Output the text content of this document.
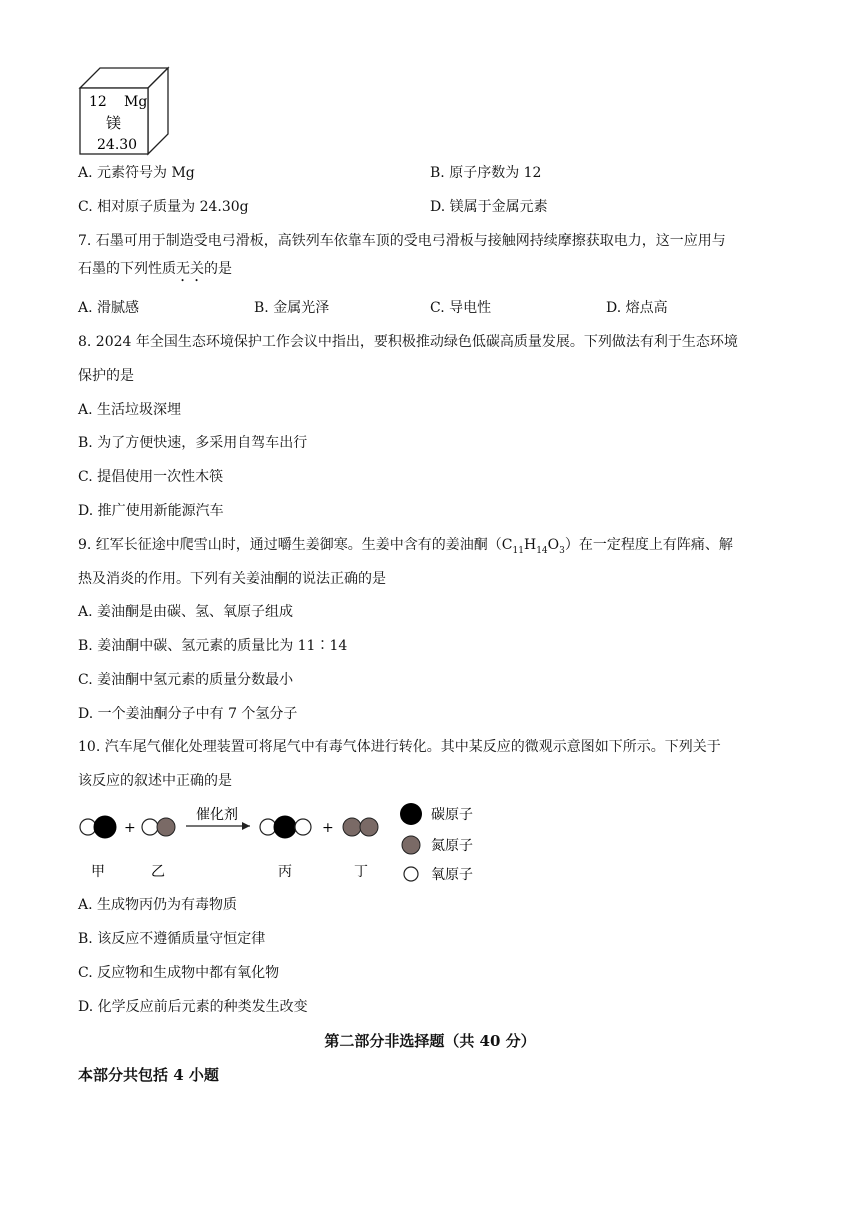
12 Mg
镁
24.30
A. 元素符号为 Mg	B. 原子序数为 12
C. 相对原子质量为 24.30g	D. 镁属于金属元素
7. 石墨可用于制造受电弓滑板，高铁列车依靠车顶的受电弓滑板与接触网持续摩擦获取电力，这一应用与
石墨的下列性质无关的是
A. 滑腻感	B. 金属光泽	C. 导电性	D. 熔点高
8. 2024 年全国生态环境保护工作会议中指出，要积极推动绿色低碳高质量发展。下列做法有利于生态环境
保护的是
A. 生活垃圾深埋
B. 为了方便快速，多采用自驾车出行
C. 提倡使用一次性木筷
D. 推广使用新能源汽车
9. 红军长征途中爬雪山时，通过嚼生姜御寒。生姜中含有的姜油酮$(C_{11}H_{14}O_3)$在一定程度上有阵痛、解
热及消炎的作用。下列有关姜油酮的说法正确的是
A. 姜油酮是由碳、氢、氧原子组成
B. 姜油酮中碳、氢元素的质量比为 11∶14
C. 姜油酮中氢元素的质量分数最小
D. 一个姜油酮分子中有 7 个氢分子
10. 汽车尾气催化处理装置可将尾气中有毒气体进行转化。其中某反应的微观示意图如下所示。下列关于
该反应的叙述中正确的是
+
催化剂
+
甲	乙	丙	丁
碳原子
氮原子
氧原子
A. 生成物丙仍为有毒物质
B. 该反应不遵循质量守恒定律
C. 反应物和生成物中都有氧化物
D. 化学反应前后元素的种类发生改变
第二部分非选择题（共 40 分）
本部分共包括 4 小题
